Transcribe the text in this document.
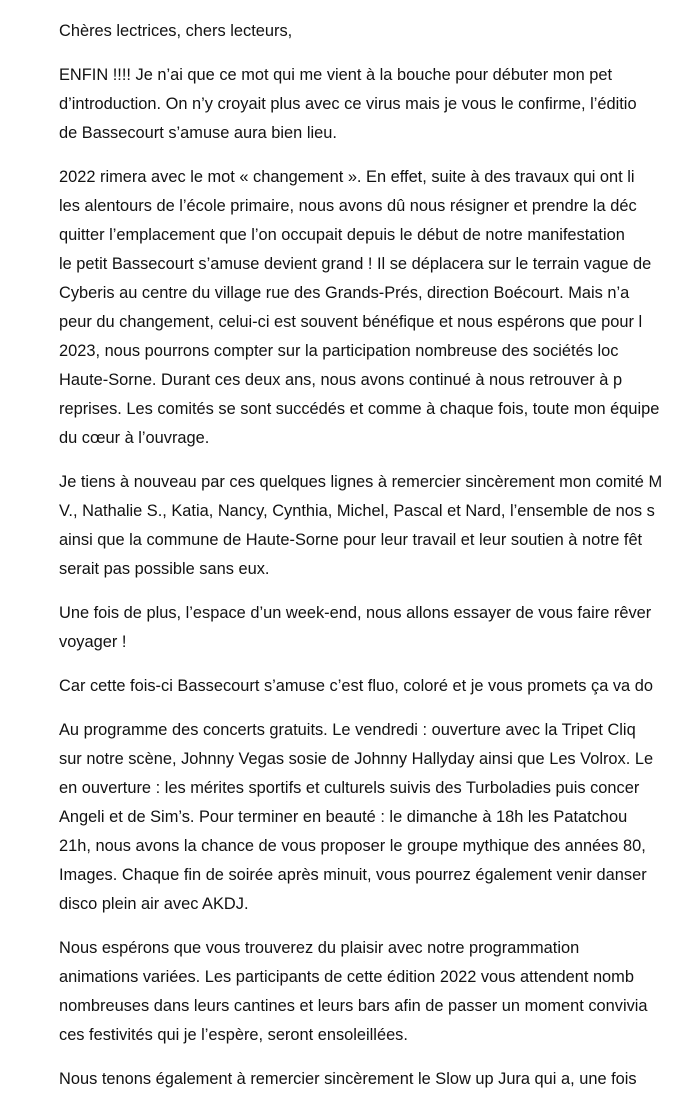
Chères lectrices, chers lecteurs,
ENFIN !!!! Je n’ai que ce mot qui me vient à la bouche pour débuter mon pet
d’introduction. On n’y croyait plus avec ce virus mais je vous le confirme, l’éditio
de Bassecourt s’amuse aura bien lieu.
2022 rimera avec le mot « changement ». En effet, suite à des travaux qui ont li
les alentours de l’école primaire, nous avons dû nous résigner et prendre la déc
quitter l’emplacement que l’on occupait depuis le début de notre manifestation
le petit Bassecourt s’amuse devient grand ! Il se déplacera sur le terrain vague de
Cyberis au centre du village rue des Grands-Prés, direction Boécourt. Mais n’a
peur du changement, celui-ci est souvent bénéfique et nous espérons que pour l
2023, nous pourrons compter sur la participation nombreuse des sociétés loc
Haute-Sorne. Durant ces deux ans, nous avons continué à nous retrouver à p
reprises. Les comités se sont succédés et comme à chaque fois, toute mon équipe
du cœur à l’ouvrage.
Je tiens à nouveau par ces quelques lignes à remercier sincèrement mon comité M
V., Nathalie S., Katia, Nancy, Cynthia, Michel, Pascal et Nard, l’ensemble de nos s
ainsi que la commune de Haute-Sorne pour leur travail et leur soutien à notre fêt
serait pas possible sans eux.
Une fois de plus, l’espace d’un week-end, nous allons essayer de vous faire rêver
voyager !
Car cette fois-ci Bassecourt s’amuse c’est fluo, coloré et je vous promets ça va do
Au programme des concerts gratuits. Le vendredi : ouverture avec la Tripet Cliq
sur notre scène, Johnny Vegas sosie de Johnny Hallyday ainsi que Les Volrox. Le
en ouverture : les mérites sportifs et culturels suivis des Turboladies puis concer
Angeli et de Sim’s. Pour terminer en beauté : le dimanche à 18h les Patatchou
21h, nous avons la chance de vous proposer le groupe mythique des années 80,
Images. Chaque fin de soirée après minuit, vous pourrez également venir danser
disco plein air avec AKDJ.
Nous espérons que vous trouverez du plaisir avec notre programmation
animations variées. Les participants de cette édition 2022 vous attendent nomb
nombreuses dans leurs cantines et leurs bars afin de passer un moment convivia
ces festivités qui je l’espère, seront ensoleillées.
Nous tenons également à remercier sincèrement le Slow up Jura qui a, une fois
